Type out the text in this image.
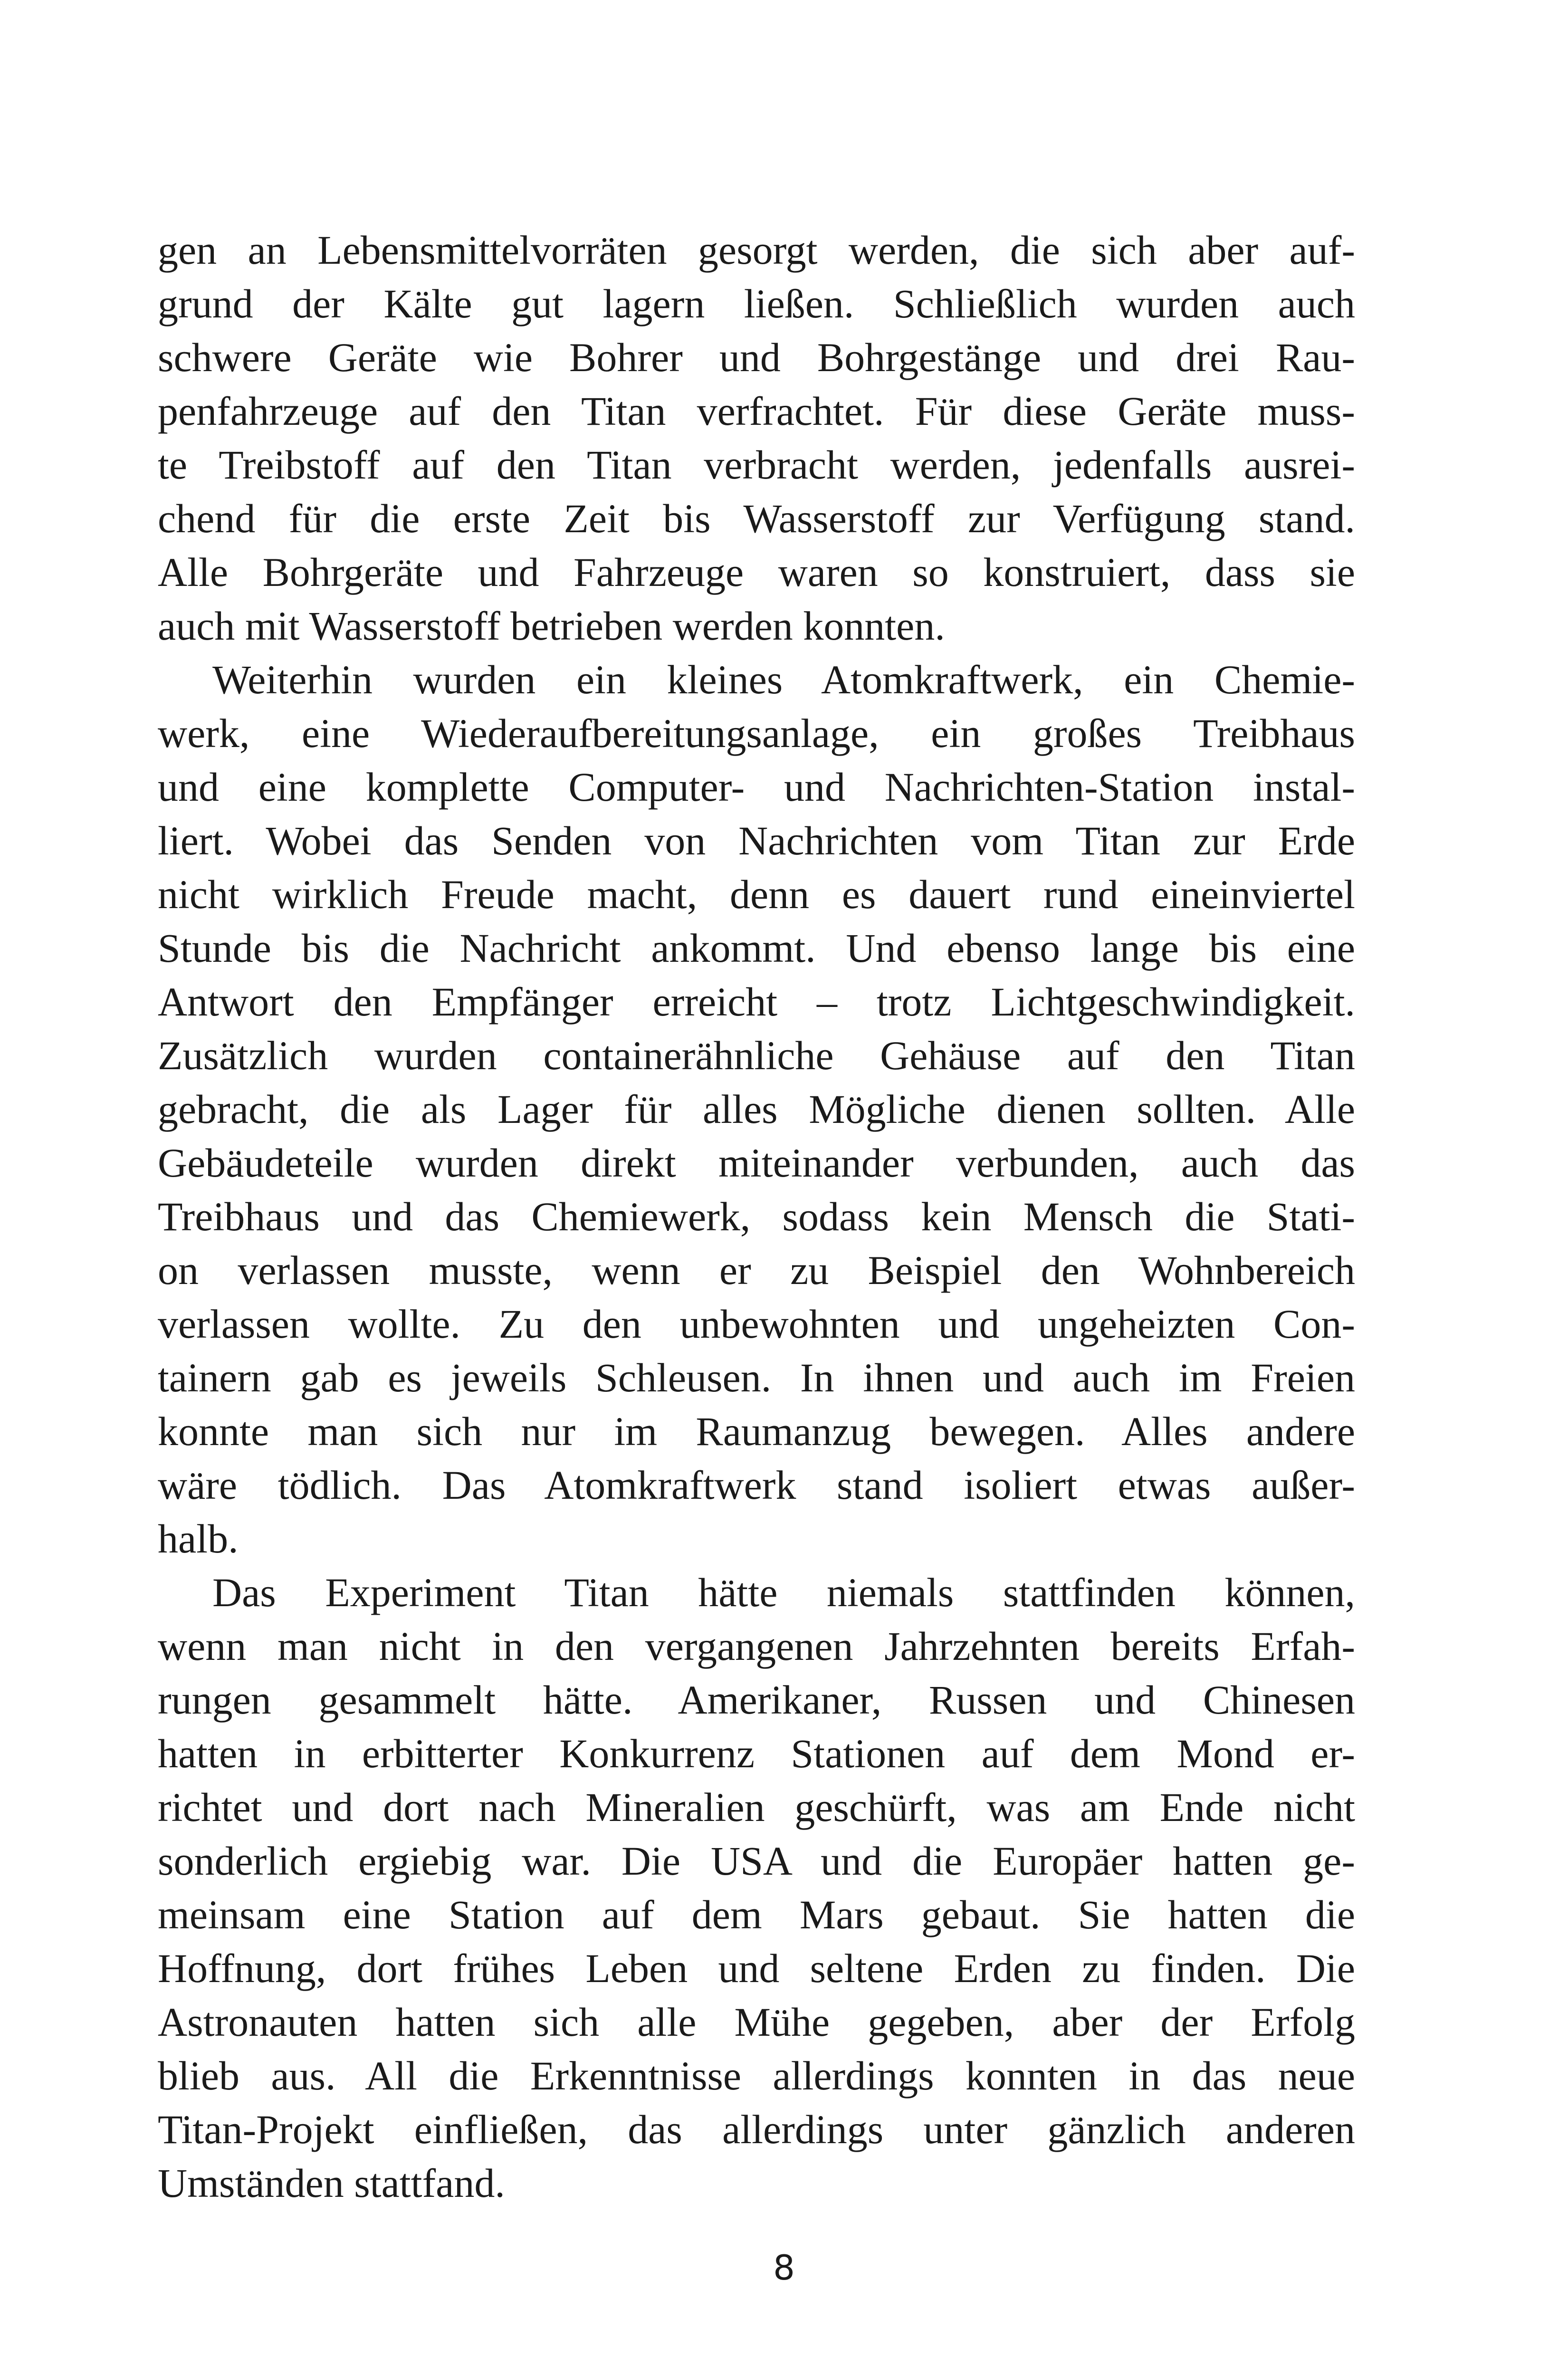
gen an Lebensmittelvorräten gesorgt werden, die sich aber auf-
grund der Kälte gut lagern ließen. Schließlich wurden auch
schwere Geräte wie Bohrer und Bohrgestänge und drei Rau-
penfahrzeuge auf den Titan verfrachtet. Für diese Geräte muss-
te Treibstoff auf den Titan verbracht werden, jedenfalls ausrei-
chend für die erste Zeit bis Wasserstoff zur Verfügung stand.
Alle Bohrgeräte und Fahrzeuge waren so konstruiert, dass sie
auch mit Wasserstoff betrieben werden konnten.
Weiterhin wurden ein kleines Atomkraftwerk, ein Chemie-
werk, eine Wiederaufbereitungsanlage, ein großes Treibhaus
und eine komplette Computer- und Nachrichten-Station instal-
liert. Wobei das Senden von Nachrichten vom Titan zur Erde
nicht wirklich Freude macht, denn es dauert rund eineinviertel
Stunde bis die Nachricht ankommt. Und ebenso lange bis eine
Antwort den Empfänger erreicht – trotz Lichtgeschwindigkeit.
Zusätzlich wurden containerähnliche Gehäuse auf den Titan
gebracht, die als Lager für alles Mögliche dienen sollten. Alle
Gebäudeteile wurden direkt miteinander verbunden, auch das
Treibhaus und das Chemiewerk, sodass kein Mensch die Stati-
on verlassen musste, wenn er zu Beispiel den Wohnbereich
verlassen wollte. Zu den unbewohnten und ungeheizten Con-
tainern gab es jeweils Schleusen. In ihnen und auch im Freien
konnte man sich nur im Raumanzug bewegen. Alles andere
wäre tödlich. Das Atomkraftwerk stand isoliert etwas außer-
halb.
Das Experiment Titan hätte niemals stattfinden können,
wenn man nicht in den vergangenen Jahrzehnten bereits Erfah-
rungen gesammelt hätte. Amerikaner, Russen und Chinesen
hatten in erbitterter Konkurrenz Stationen auf dem Mond er-
richtet und dort nach Mineralien geschürft, was am Ende nicht
sonderlich ergiebig war. Die USA und die Europäer hatten ge-
meinsam eine Station auf dem Mars gebaut. Sie hatten die
Hoffnung, dort frühes Leben und seltene Erden zu finden. Die
Astronauten hatten sich alle Mühe gegeben, aber der Erfolg
blieb aus. All die Erkenntnisse allerdings konnten in das neue
Titan-Projekt einfließen, das allerdings unter gänzlich anderen
Umständen stattfand.
8
